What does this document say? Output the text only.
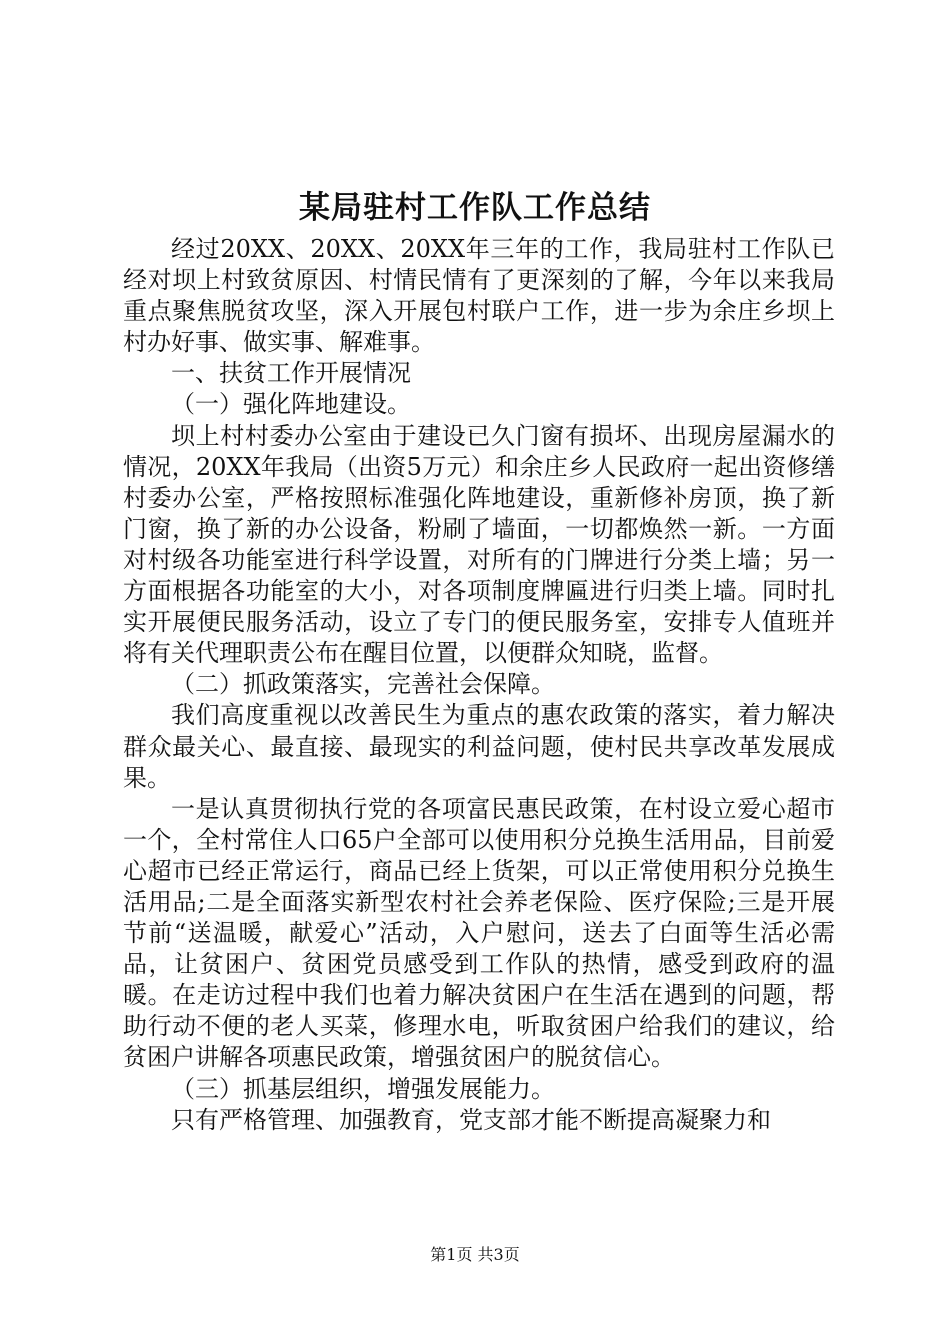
某局驻村工作队工作总结

经过20XX、20XX、20XX年三年的工作，我局驻村工作队已经对坝上村致贫原因、村情民情有了更深刻的了解，今年以来我局重点聚焦脱贫攻坚，深入开展包村联户工作，进一步为余庄乡坝上村办好事、做实事、解难事。

一、扶贫工作开展情况

（一）强化阵地建设。

坝上村村委办公室由于建设已久门窗有损坏、出现房屋漏水的情况，20XX年我局（出资5万元）和余庄乡人民政府一起出资修缮村委办公室，严格按照标准强化阵地建设，重新修补房顶，换了新门窗，换了新的办公设备，粉刷了墙面，一切都焕然一新。一方面对村级各功能室进行科学设置，对所有的门牌进行分类上墙；另一方面根据各功能室的大小，对各项制度牌匾进行归类上墙。同时扎实开展便民服务活动，设立了专门的便民服务室，安排专人值班并将有关代理职责公布在醒目位置，以便群众知晓，监督。

（二）抓政策落实，完善社会保障。

我们高度重视以改善民生为重点的惠农政策的落实，着力解决群众最关心、最直接、最现实的利益问题，使村民共享改革发展成果。

一是认真贯彻执行党的各项富民惠民政策，在村设立爱心超市一个，全村常住人口65户全部可以使用积分兑换生活用品，目前爱心超市已经正常运行，商品已经上货架，可以正常使用积分兑换生活用品;二是全面落实新型农村社会养老保险、医疗保险;三是开展节前“送温暖，献爱心”活动，入户慰问，送去了白面等生活必需品，让贫困户、贫困党员感受到工作队的热情，感受到政府的温暖。在走访过程中我们也着力解决贫困户在生活在遇到的问题，帮助行动不便的老人买菜，修理水电，听取贫困户给我们的建议，给贫困户讲解各项惠民政策，增强贫困户的脱贫信心。

（三）抓基层组织，增强发展能力。

只有严格管理、加强教育，党支部才能不断提高凝聚力和

第1页 共3页
